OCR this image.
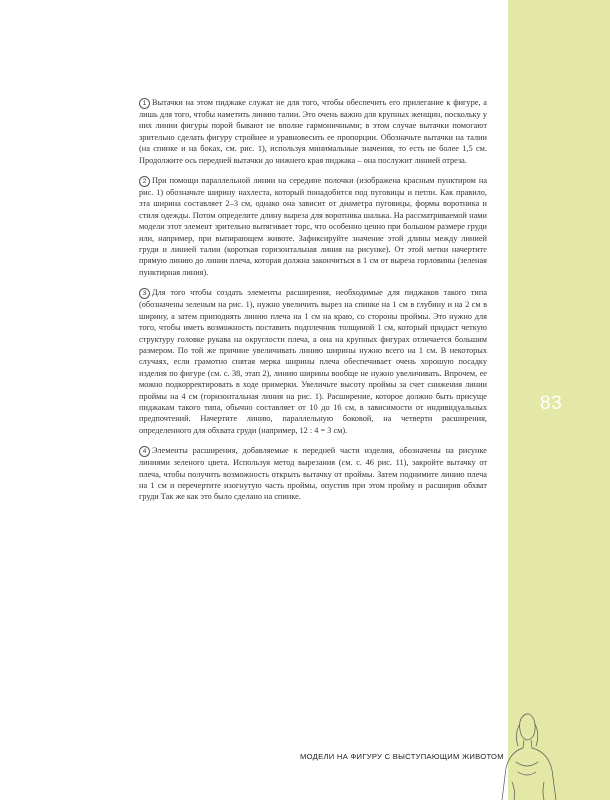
83

1 Вытачки на этом пиджаке служат не для того, чтобы обеспечить его прилегание к фигуре, а лишь для того, чтобы наметить линию талии. Это очень важно для крупных женщин, поскольку у них линии фигуры порой бывают не вполне гармоничными; в этом случае вытачки помогают зрительно сделать фигуру стройнее и уравновесить ее пропорции. Обозначьте вытачки на талии (на спинке и на боках, см. рис. 1), используя минимальные значения, то есть не более 1,5 см. Продолжите ось передней вытачки до нижнего края пиджака – она послужит линией отреза.

2 При помощи параллельной линии на середине полочки (изображена красным пунктиром на рис. 1) обозначьте ширину нахлеста, который понадобится под пуговицы и петли. Как правило, эта ширина составляет 2–3 см, однако она зависит от диаметра пуговицы, формы воротника и стиля одежды. Потом определите длину выреза для воротника шалька. На рассматриваемой нами модели этот элемент зрительно вытягивает торс, что особенно ценно при большом размере груди или, например, при выпирающем животе. Зафиксируйте значение этой длины между линией груди и линией талии (короткая горизонтальная линия на рисунке). От этой метки начертите прямую линию до линии плеча, которая должна закончиться в 1 см от выреза горловины (зеленая пунктирная линия).

3 Для того чтобы создать элементы расширения, необходимые для пиджаков такого типа (обозначены зеленым на рис. 1), нужно увеличить вырез на спинке на 1 см в глубину и на 2 см в ширину, а затем приподнять линию плеча на 1 см на краю, со стороны проймы. Это нужно для того, чтобы иметь возможность поставить подплечник толщиной 1 см, который придаст четкую структуру головке рукава на округлости плеча, а она на крупных фигурах отличается большим размером. По той же причине увеличивать линию ширины нужно всего на 1 см. В некоторых случаях, если грамотно снятая мерка ширины плеча обеспечивает очень хорошую посадку изделия по фигуре (см. с. 38, этап 2), линию ширины вообще не нужно увеличивать. Впрочем, ее можно подкорректировать в ходе примерки. Увеличьте высоту проймы за счет снижения линии проймы на 4 см (горизонтальная линия на рис. 1). Расширение, которое должно быть присуще пиджакам такого типа, обычно составляет от 10 до 16 см, в зависимости от индивидуальных предпочтений. Начертите линию, параллельную боковой, на четверти расширения, определенного для обхвата груди (например, 12 : 4 = 3 см).

4 Элементы расширения, добавляемые к передней части изделия, обозначены на рисунке линиями зеленого цвета. Используя метод вырезания (см. с. 46 рис. 11), закройте вытачку от плеча, чтобы получить возможность открыть вытачку от проймы. Затем поднимите линию плеча на 1 см и перечертите изогнутую часть проймы, опустив при этом пройму и расширив обхват груди Так же как это было сделано на спинке.

МОДЕЛИ НА ФИГУРУ С ВЫСТУПАЮЩИМ ЖИВОТОМ
